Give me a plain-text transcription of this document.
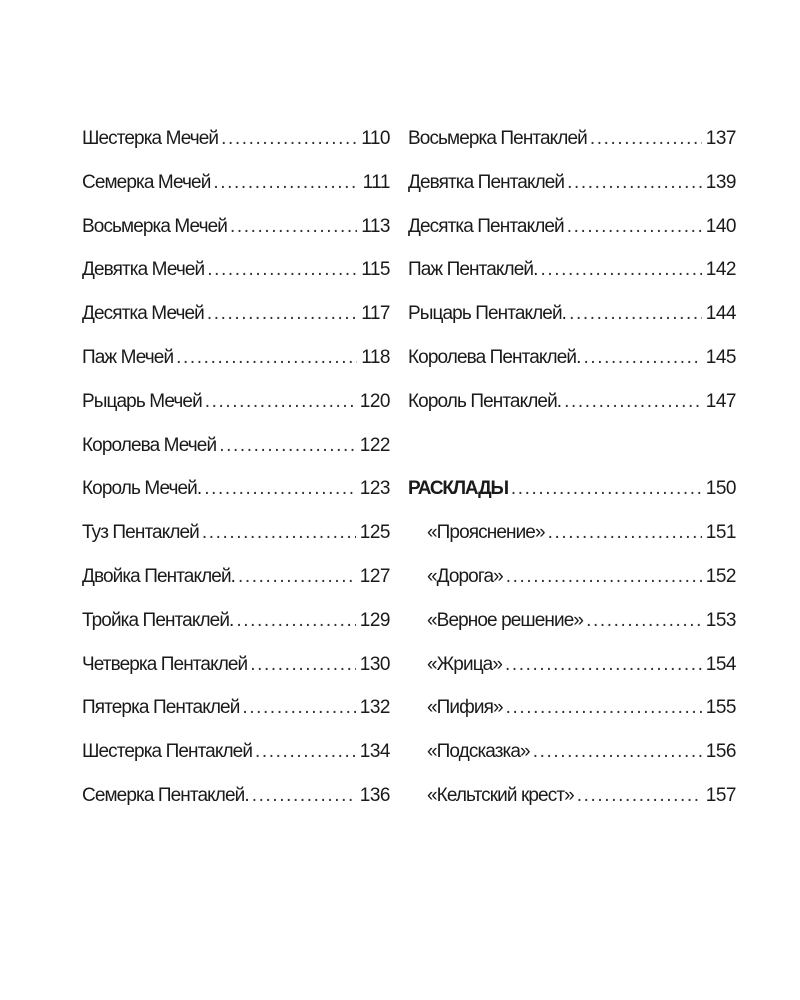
Шестерка Мечей .....	110
Семерка Мечей .....	111
Восьмерка Мечей .....	113
Девятка Мечей .....	115
Десятка Мечей .....	117
Паж Мечей .....	118
Рыцарь Мечей .....	120
Королева Мечей .....	122
Король Мечей. .....	123
Туз Пентаклей .....	125
Двойка Пентаклей. .....	127
Тройка Пентаклей. .....	129
Четверка Пентаклей .....	130
Пятерка Пентаклей .....	132
Шестерка Пентаклей .....	134
Семерка Пентаклей. .....	136
Восьмерка Пентаклей .....	137
Девятка Пентаклей .....	139
Десятка Пентаклей .....	140
Паж Пентаклей. .....	142
Рыцарь Пентаклей. .....	144
Королева Пентаклей. .....	145
Король Пентаклей. .....	147
РАСКЛАДЫ .....	150
«Прояснение» .....	151
«Дорога» .....	152
«Верное решение» .....	153
«Жрица» .....	154
«Пифия» .....	155
«Подсказка» .....	156
«Кельтский крест» .....	157
